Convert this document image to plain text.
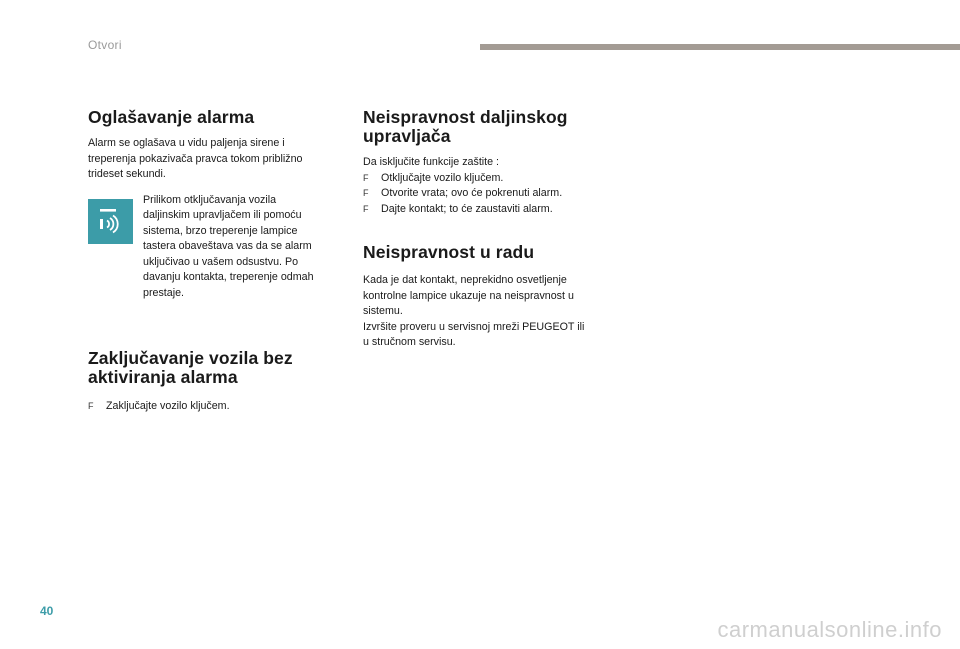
Otvori
Oglašavanje alarma

Alarm se oglašava u vidu paljenja sirene i
treperenja pokazivača pravca tokom približno
trideset sekundi.

Prilikom otključavanja vozila
daljinskim upravljačem ili pomoću
sistema, brzo treperenje lampice
tastera obaveštava vas da se alarm
uključivao u vašem odsustvu. Po
davanju kontakta, treperenje odmah
prestaje.

Zaključavanje vozila bez
aktiviranja alarma
F	Zaključajte vozilo ključem.
Neispravnost daljinskog
upravljača

Da isključite funkcije zaštite :

F	Otključajte vozilo ključem.
F	Otvorite vrata; ovo će pokrenuti alarm.
F	Dajte kontakt; to će zaustaviti alarm.
Neispravnost u radu

Kada je dat kontakt, neprekidno osvetljenje
kontrolne lampice ukazuje na neispravnost u
sistemu.
Izvršite proveru u servisnoj mreži PEUGEOT ili
u stručnom servisu.

40
carmanualsonline.info
